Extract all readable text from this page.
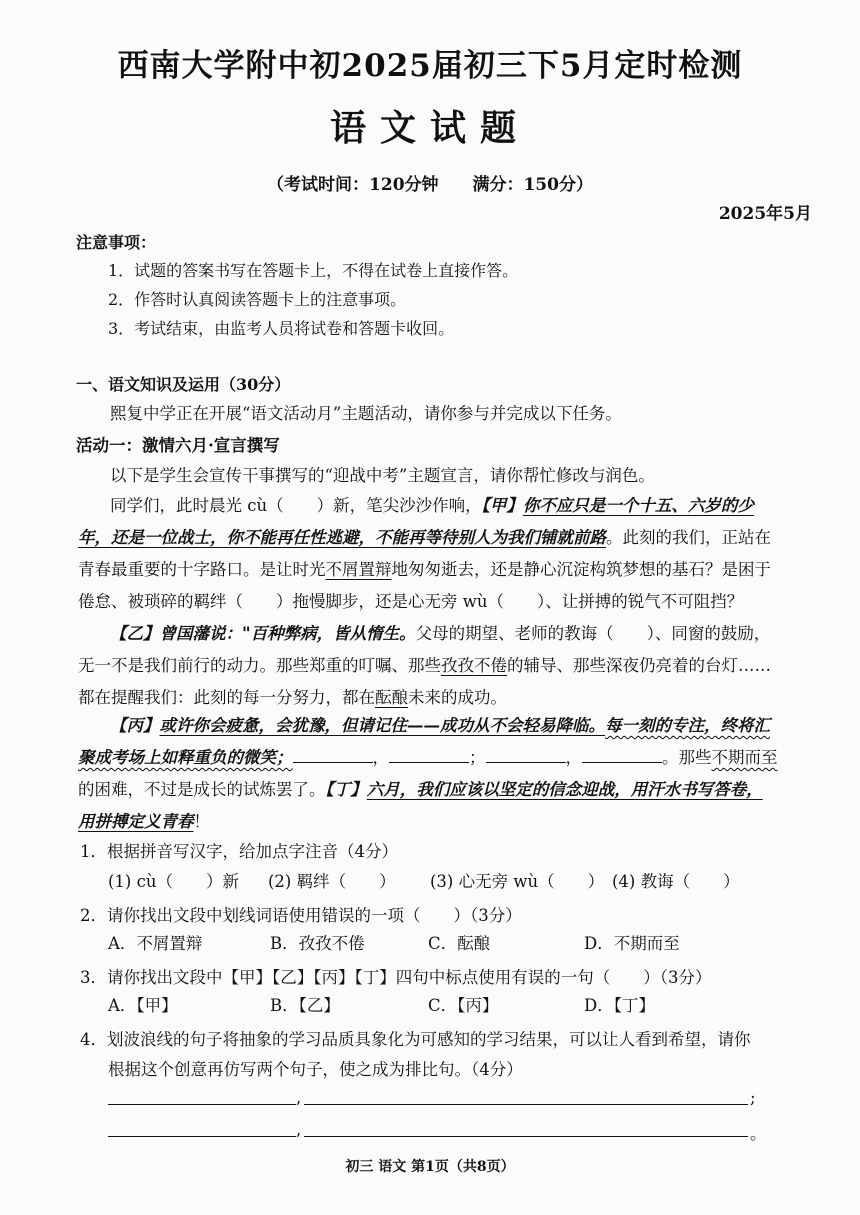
西南大学附中初2025届初三下5月定时检测
语文试题
（考试时间：120分钟 满分：150分）
2025年5月
注意事项：
1．试题的答案书写在答题卡上，不得在试卷上直接作答。
2．作答时认真阅读答题卡上的注意事项。
3．考试结束，由监考人员将试卷和答题卡收回。
一、语文知识及运用（30分）
熙复中学正在开展“语文活动月”主题活动，请你参与并完成以下任务。
活动一：激情六月·宣言撰写
以下是学生会宣传干事撰写的“迎战中考”主题宣言，请你帮忙修改与润色。
同学们，此时晨光 cù（　　）新，笔尖沙沙作响，【甲】你不应只是一个十五、六岁的少年，还是一位战士，你不能再任性逃避，不能再等待别人为我们铺就前路。此刻的我们，正站在青春最重要的十字路口。是让时光不屑置辩地匆匆逝去，还是静心沉淀构筑梦想的基石？是困于倦怠、被琐碎的羁绊（　　）拖慢脚步，还是心无旁 wù（　　）、让拼搏的锐气不可阻挡？
【乙】曾国藩说："百种弊病，皆从惰生。父母的期望、老师的教诲（　　）、同窗的鼓励，无一不是我们前行的动力。那些郑重的叮嘱、那些孜孜不倦的辅导、那些深夜仍亮着的台灯……都在提醒我们：此刻的每一分努力，都在酝酿未来的成功。
【丙】或许你会疲惫，会犹豫，但请记住——成功从不会轻易降临。每一刻的专注，终将汇聚成考场上如释重负的微笑；	，	；	，	。那些不期而至的困难，不过是成长的试炼罢了。【丁】六月，我们应该以坚定的信念迎战，用汗水书写答卷，用拼搏定义青春！
1．根据拼音写汉字，给加点字注音（4分）
(1) cù（　　）新 (2) 羁绊（　　） (3) 心无旁 wù（　　） (4) 教诲（　　）
2．请你找出文段中划线词语使用错误的一项（　　）（3分）
A．不屑置辩	B．孜孜不倦	C．酝酿	D．不期而至
3．请你找出文段中【甲】【乙】【丙】【丁】四句中标点使用有误的一句（　　）（3分）
A．【甲】	B．【乙】	C．【丙】	D．【丁】
4．划波浪线的句子将抽象的学习品质具象化为可感知的学习结果，可以让人看到希望，请你
根据这个创意再仿写两个句子，使之成为排比句。（4分）
,	;
,	。
初三 语文 第1页（共8页）
